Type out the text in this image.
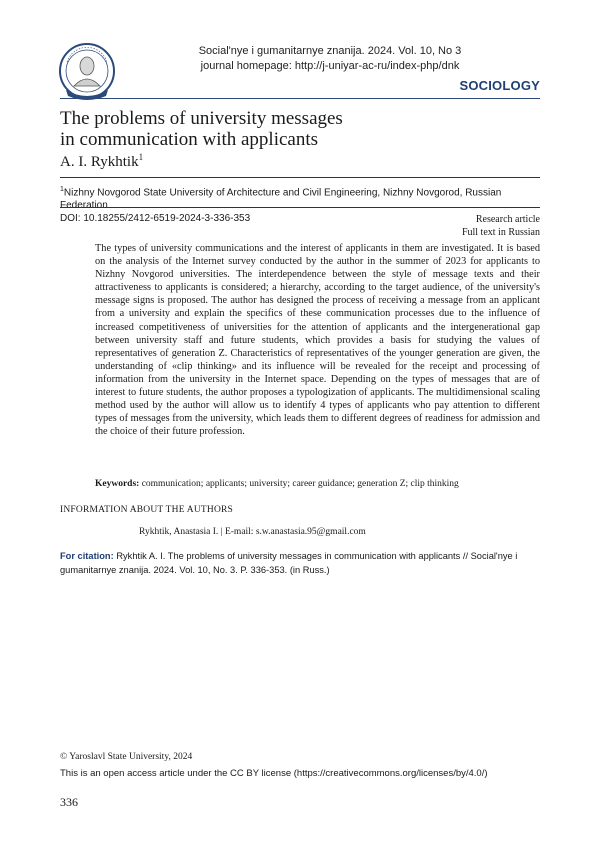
Social'nye i gumanitarnye znanija. 2024. Vol. 10, No 3
journal homepage: http://j-uniyar-ac-ru/index-php/dnk
SOCIOLOGY
The problems of university messages
in communication with applicants
A. I. Rykhtik$^1$
$^1$Nizhny Novgorod State University of Architecture and Civil Engineering, Nizhny Novgorod, Russian Federation
DOI: 10.18255/2412-6519-2024-3-336-353	Research article
Full text in Russian
The types of university communications and the interest of applicants in them are investigated. It is based on the analysis of the Internet survey conducted by the author in the summer of 2023 for applicants to Nizhny Novgorod universities. The interdependence between the style of message texts and their attractiveness to applicants is considered; a hierarchy, according to the target audience, of the university's message signs is proposed. The author has designed the process of receiving a message from an applicant from a university and explain the specifics of these communication processes due to the influence of increased competitiveness of universities for the attention of applicants and the intergenerational gap between university staff and future students, which provides a basis for studying the values of representatives of generation Z. Characteristics of representatives of the younger generation are given, the understanding of «clip thinking» and its influence will be revealed for the receipt and processing of information from the university in the Internet space. Depending on the types of messages that are of interest to future students, the author proposes a typologization of applicants. The multidimensional scaling method used by the author will allow us to identify 4 types of applicants who pay attention to different types of messages from the university, which leads them to different degrees of readiness for admission and the choice of their future profession.
Keywords: communication; applicants; university; career guidance; generation Z; clip thinking
INFORMATION ABOUT THE AUTHORS
Rykhtik, Anastasia I. | E-mail: s.w.anastasia.95@gmail.com
For citation: Rykhtik A. I. The problems of university messages in communication with applicants // Social'nye i gumanitarnye znanija. 2024. Vol. 10, No. 3. P. 336-353. (in Russ.)
© Yaroslavl State University, 2024
This is an open access article under the CC BY license (https://creativecommons.org/licenses/by/4.0/)
336
